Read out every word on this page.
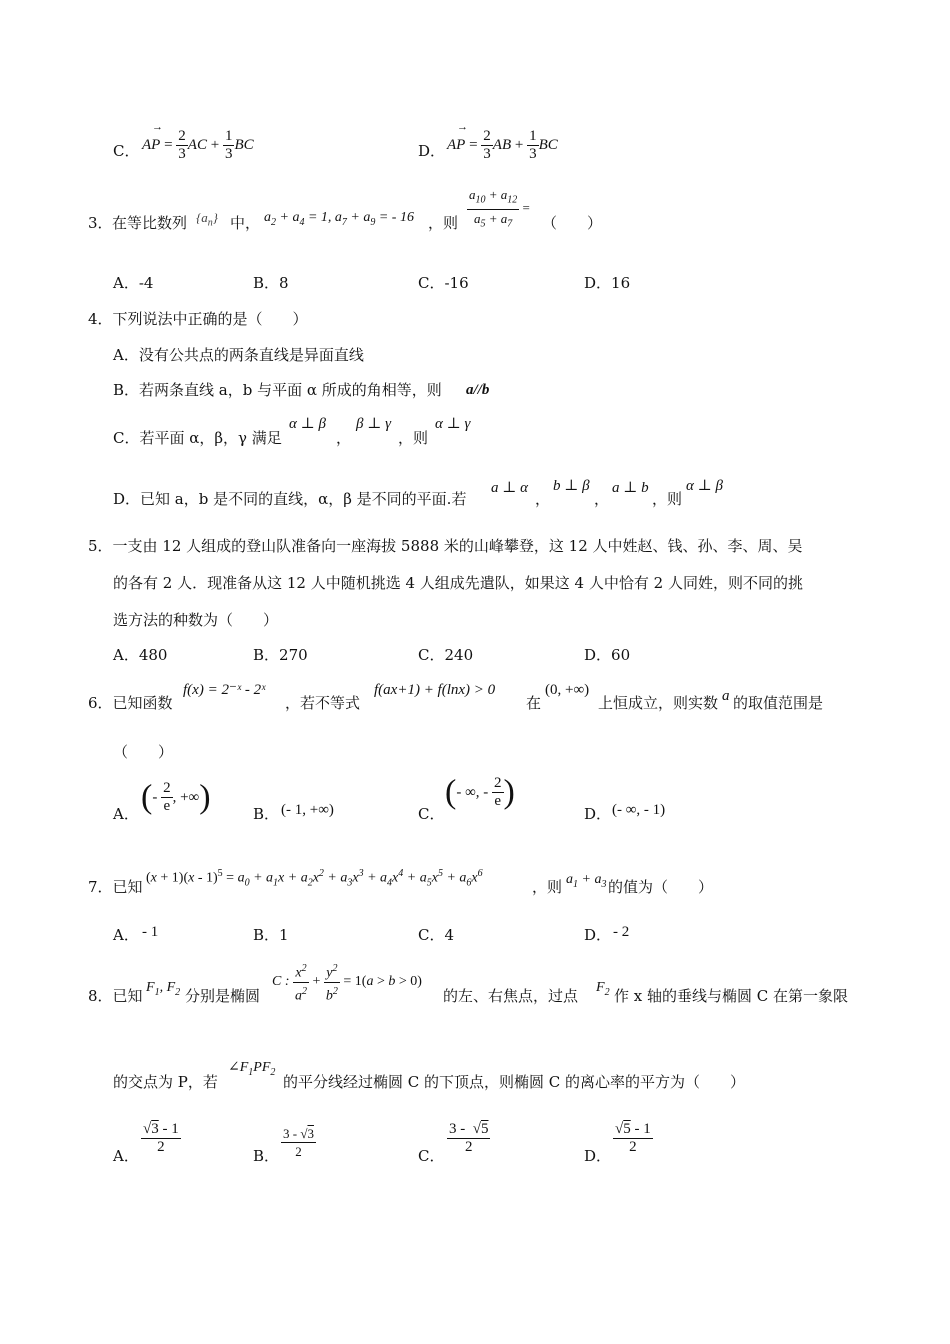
C．
→
AP = $\frac{2}{3}$ AC + $\frac{1}{3}$ BC	D．
→
AP = $\frac{2}{3}$ AB + $\frac{1}{3}$ BC
3． 在等比数列 $\{a_n\}$ 中， $a_2 + a_4 = 1$, $a_7 + a_9$ = - 16 ，则 $\frac{a_{10} + a_{12}}{a_5 + a_7}$ =
（　　）
A．-4	B．8	C．-16	D．16
4．下列说法中正确的是（　　）
A．没有公共点的两条直线是异面直线
B．若两条直线 a，b 与平面 α 所成的角相等，则 a//b
C．若平面 α，β，γ 满足
α ⊥ β
，
β ⊥ γ
，则
α ⊥ γ
D．已知 a，b 是不同的直线，α，β 是不同的平面.若
a ⊥ α
，
b ⊥ β
，
a ⊥ b
，则
α ⊥ β
5．一支由 12 人组成的登山队准备向一座海拔 5888 米的山峰攀登，这 12 人中姓赵、钱、孙、李、周、吴
的各有 2 人．现准备从这 12 人中随机挑选 4 人组成先遣队，如果这 4 人中恰有 2 人同姓，则不同的挑
选方法的种数为（　　）
A．480	B．270	C．240	D．60
6．已知函数
f(x) = 2⁻ˣ - 2ˣ
，若不等式
f(ax+1) + f(lnx) > 0
在
(0, +∞)
上恒成立，则实数 a 的取值范围是
（　　）
A． (- $\frac{2}{e}$ , +∞)	B． (- 1, +∞)	C．
(- ∞, - $\frac{2}{e}$ )
D． (- ∞, - 1)
7．已知 $(x + 1)(x - 1)^5 = a_0 + a_1x + a_2x^2 + a_3x^3 + a_4x^4 + a_5x^5 + a_6x^6$
，则 $a_1 + a_3$ 的值为（　　）
A． - 1	B．1	C．4	D． - 2
8．已知 $F_1$, $F_2$ 分别是椭圆
C : $\frac{x^2}{a^2} + \frac{y^2}{b^2} = 1(a > b > 0)$
的左、右焦点，过点 $F_2$ 作 x 轴的垂线与椭圆 C 在第一象限
的交点为 P，若
$\angle F_1PF_2$
的平分线经过椭圆 C 的下顶点，则椭圆 C 的离心率的平方为（　　）
A． $\frac{√3 - 1}{2}$	B． $\frac{3 - √3}{2}$	C． $\frac{3 - √5}{2}$	D． $\frac{√5 - 1}{2}$
